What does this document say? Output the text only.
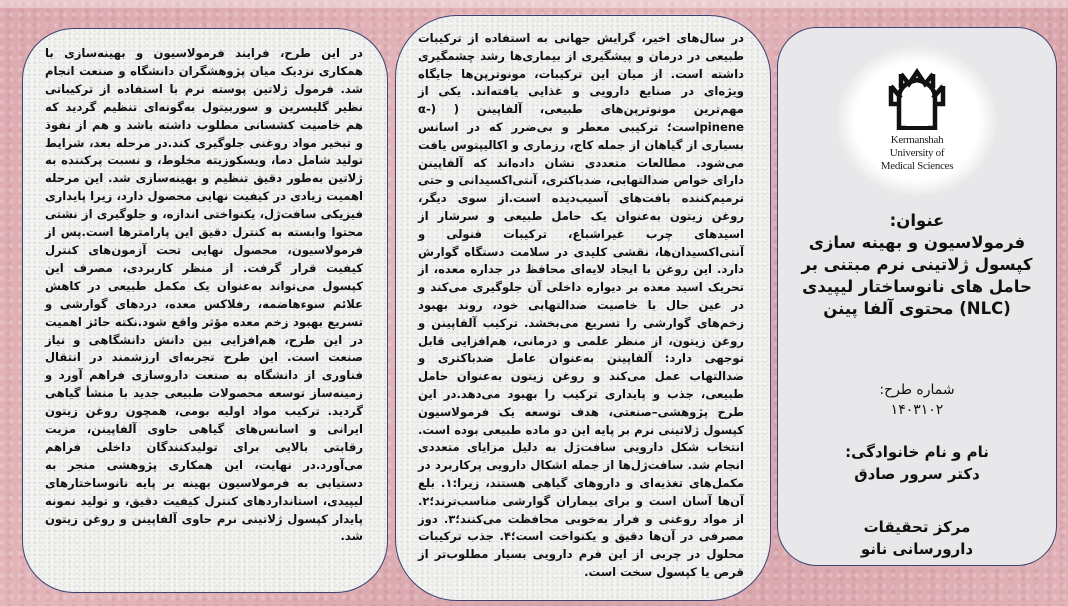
در این طرح، فرایند فرمولاسیون و بهینه‌سازی با همکاری نزدیک میان پژوهشگران دانشگاه و صنعت انجام شد. فرمول ژلاتین پوسته نرم با استفاده از ترکیباتی نظیر گلیسرین و سوربیتول به‌گونه‌ای تنظیم گردید که هم خاصیت کشسانی مطلوب داشته باشد و هم از نفوذ و تبخیر مواد روغنی جلوگیری کند.در مرحله بعد، شرایط تولید شامل دما، ویسکوزیته مخلوط، و نسبت پرکننده به ژلاتین به‌طور دقیق تنظیم و بهینه‌سازی شد. این مرحله اهمیت زیادی در کیفیت نهایی محصول دارد، زیرا پایداری فیزیکی سافت‌ژل، یکنواختی اندازه، و جلوگیری از نشتی محتوا وابسته به کنترل دقیق این پارامترها است.پس از فرمولاسیون، محصول نهایی تحت آزمون‌های کنترل کیفیت قرار گرفت. از منظر کاربردی، مصرف این کپسول می‌تواند به‌عنوان یک مکمل طبیعی در کاهش علائم سوءهاضمه، رفلاکس معده، دردهای گوارشی و تسریع بهبود زخم معده مؤثر واقع شود.نکته حائز اهمیت در این طرح، هم‌افزایی بین دانش دانشگاهی و نیاز صنعت است. این طرح تجربه‌ای ارزشمند در انتقال فناوری از دانشگاه به صنعت داروسازی فراهم آورد و زمینه‌ساز توسعه محصولات طبیعی جدید با منشأ گیاهی گردید. ترکیب مواد اولیه بومی، همچون روغن زیتون ایرانی و اسانس‌های گیاهی حاوی آلفاپینن، مزیت رقابتی بالایی برای تولیدکنندگان داخلی فراهم می‌آورد.در نهایت، این همکاری پژوهشی منجر به دستیابی به فرمولاسیون بهینه بر پایه نانوساختارهای لیپیدی، استانداردهای کنترل کیفیت دقیق، و تولید نمونه پایدار کپسول ژلاتینی نرم حاوی آلفاپینن و روغن زیتون شد.

در سال‌های اخیر، گرایش جهانی به استفاده از ترکیبات طبیعی در درمان و پیشگیری از بیماری‌ها رشد چشمگیری داشته است. از میان این ترکیبات، مونوترپن‌ها جایگاه ویژه‌ای در صنایع دارویی و غذایی یافته‌اند. یکی از مهم‌ترین مونوترپن‌های طبیعی، آلفاپینن ( (α-pinene‌است؛ ترکیبی معطر و بی‌ضرر که در اسانس بسیاری از گیاهان از جمله کاج، رزماری و اکالیپتوس یافت می‌شود. مطالعات متعددی نشان داده‌اند که آلفاپینن دارای خواص ضدالتهابی، ضدباکتری، آنتی‌اکسیدانی و حتی ترمیم‌کننده بافت‌های آسیب‌دیده است.از سوی دیگر، روغن زیتون به‌عنوان یک حامل طبیعی و سرشار از اسیدهای چرب غیراشباع، ترکیبات فنولی و آنتی‌اکسیدان‌ها، نقشی کلیدی در سلامت دستگاه گوارش دارد. این روغن با ایجاد لایه‌ای محافظ در جداره معده، از تحریک اسید معده بر دیواره داخلی آن جلوگیری می‌کند و در عین حال با خاصیت ضدالتهابی خود، روند بهبود زخم‌های گوارشی را تسریع می‌بخشد. ترکیب آلفاپینن و روغن زیتون، از منظر علمی و درمانی، هم‌افزایی قابل توجهی دارد: آلفاپینن به‌عنوان عامل ضدباکتری و ضدالتهاب عمل می‌کند و روغن زیتون به‌عنوان حامل طبیعی، جذب و پایداری ترکیب را بهبود می‌دهد.در این طرح پژوهشی–صنعتی، هدف توسعه یک فرمولاسیون کپسول ژلاتینی نرم بر پایه این دو ماده طبیعی بوده است. انتخاب شکل دارویی سافت‌ژل به دلیل مزایای متعددی انجام شد. سافت‌ژل‌ها از جمله اشکال دارویی پرکاربرد در مکمل‌های تغذیه‌ای و داروهای گیاهی هستند، زیرا:۱. بلع آن‌ها آسان است و برای بیماران گوارشی مناسب‌ترند؛۲. از مواد روغنی و فرار به‌خوبی محافظت می‌کنند؛۳. دوز مصرفی در آن‌ها دقیق و یکنواخت است؛۴. جذب ترکیبات محلول در چربی از این فرم دارویی بسیار مطلوب‌تر از قرص یا کپسول سخت است.

Kermanshah
University of
Medical Sciences
عنوان:
فرمولاسیون و بهینه سازی
کپسول ژلاتینی نرم مبتنی بر
حامل های نانوساختار لیپیدی
(NLC) محتوی آلفا پینن
شماره طرح:
۱۴۰۳۱۰۲
نام و نام خانوادگی:
دکتر سرور صادق
مرکز تحقیقات
دارورسانی نانو
